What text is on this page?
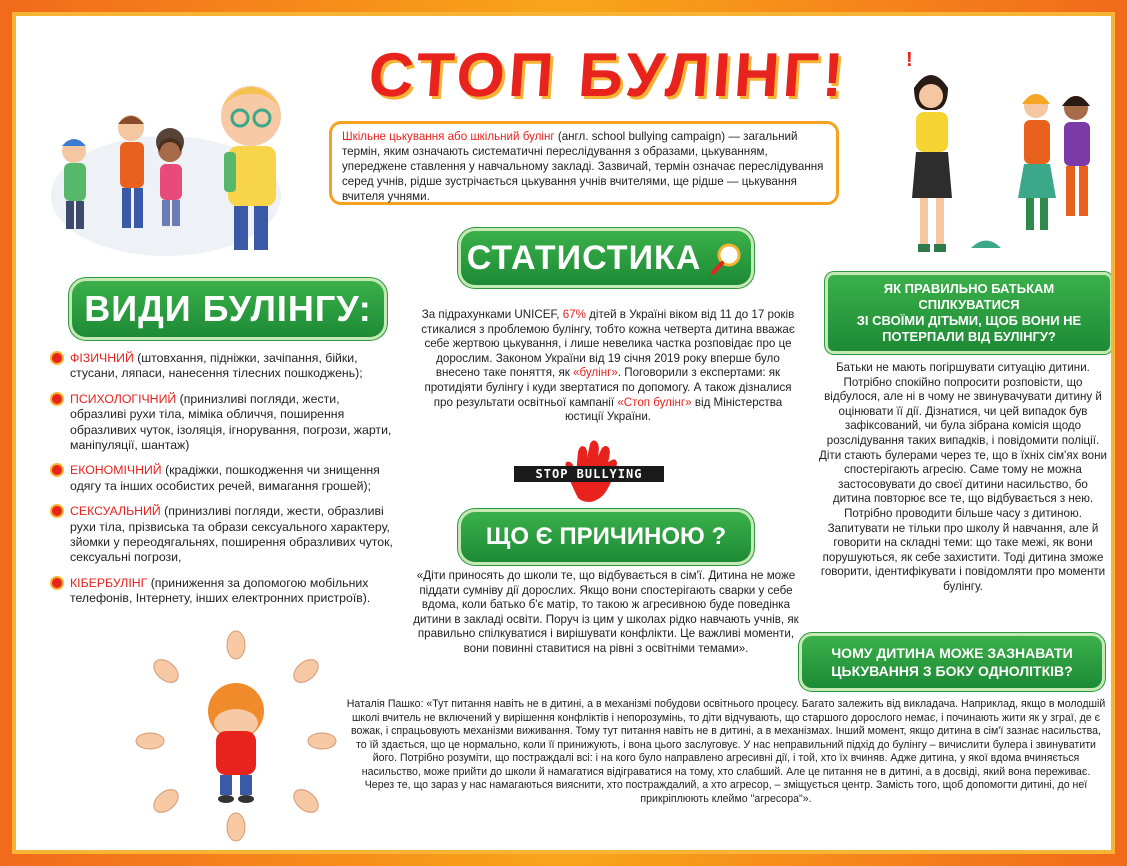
СТОП БУЛІНГ!
Шкільне цькування або шкільний булінг (англ. school bullying campaign) — загальний термін, яким означають систематичні переслідування з образами, цькуванням, упереджене ставлення у навчальному закладі. Зазвичай, термін означає переслідування серед учнів, рідше зустрічається цькування учнів вчителями, ще рідше — цькування вчителя учнями.
!
СТАТИСТИКА
За підрахунками UNICEF, 67% дітей в Україні віком від 11 до 17 років стикалися з проблемою булінгу, тобто кожна четверта дитина вважає себе жертвою цькування, і лише невелика частка розповідає про це дорослим. Законом України від 19 січня 2019 року вперше було внесено таке поняття, як «булінг». Поговорили з експертами: як протидіяти булінгу і куди звертатися по допомогу. А також дізналися про результати освітньої кампанії «Стоп булінг» від Міністерства юстиції України.
STOP BULLYING
ЩО Є ПРИЧИНОЮ ?
«Діти приносять до школи те, що відбувається в сім'ї. Дитина не може піддати сумніву дії дорослих. Якщо вони спостерігають сварки у себе вдома, коли батько б'є матір, то такою ж агресивною буде поведінка дитини в закладі освіти. Поруч із цим у школах рідко навчають учнів, як правильно спілкуватися і вирішувати конфлікти. Це важливі моменти, вони повинні ставитися на рівні з освітніми темами».
ВИДИ БУЛІНГУ:
ФІЗИЧНИЙ (штовхання, підніжки, зачіпання, бійки, стусани, ляпаси, нанесення тілесних пошкоджень);
ПСИХОЛОГІЧНИЙ (принизливі погляди, жести, образливі рухи тіла, міміка обличчя, поширення образливих чуток, ізоляція, ігнорування, погрози, жарти, маніпуляції, шантаж)
ЕКОНОМІЧНИЙ (крадіжки, пошкодження чи знищення одягу та інших особистих речей, вимагання грошей);
СЕКСУАЛЬНИЙ (принизливі погляди, жести, образливі рухи тіла, прізвиська та образи сексуального характеру, зйомки у переодягальнях, поширення образливих чуток, сексуальні погрози,
КІБЕРБУЛІНГ (приниження за допомогою мобільних телефонів, Інтернету, інших електронних пристроїв).
ЯК ПРАВИЛЬНО БАТЬКАМ
СПІЛКУВАТИСЯ
ЗІ СВОЇМИ ДІТЬМИ, ЩОБ ВОНИ НЕ
ПОТЕРПАЛИ ВІД БУЛІНГУ?
Батьки не мають погіршувати ситуацію дитини. Потрібно спокійно попросити розповісти, що відбулося, але ні в чому не звинувачувати дитину й оцінювати її дії. Дізнатися, чи цей випадок був зафіксований, чи була зібрана комісія щодо розслідування таких випадків, і повідомити поліції. Діти стають булерами через те, що в їхніх сім'ях вони спостерігають агресію. Саме тому не можна застосовувати до своєї дитини насильство, бо дитина повторює все те, що відбувається з нею. Потрібно проводити більше часу з дитиною. Запитувати не тільки про школу й навчання, але й говорити на складні теми: що таке межі, як вони порушуються, як себе захистити. Тоді дитина зможе говорити, ідентифікувати і повідомляти про моменти булінгу.
ЧОМУ ДИТИНА МОЖЕ ЗАЗНАВАТИ
ЦЬКУВАННЯ З БОКУ ОДНОЛІТКІВ?
Наталія Пашко: «Тут питання навіть не в дитині, а в механізмі побудови освітнього процесу. Багато залежить від викладача. Наприклад, якщо в молодшій школі вчитель не включений у вирішення конфліктів і непорозумінь, то діти відчувають, що старшого дорослого немає, і починають жити як у зграї, де є вожак, і спрацьовують механізми виживання. Тому тут питання навіть не в дитині, а в механізмах. Інший момент, якщо дитина в сім'ї зазнає насильства, то їй здається, що це нормально, коли її принижують, і вона цього заслуговує. У нас неправильний підхід до булінгу – вичислити булера і звинуватити його. Потрібно розуміти, що постраждалі всі: і на кого було направлено агресивні дії, і той, хто їх вчиняв. Адже дитина, у якої вдома вчиняється насильство, може прийти до школи й намагатися відіграватися на тому, хто слабший. Але це питання не в дитині, а в досвіді, який вона переживає. Через те, що зараз у нас намагаються вияснити, хто постраждалий, а хто агресор, – зміщується центр. Замість того, щоб допомогти дитині, до неї прикріплюють клеймо "агресора"».
